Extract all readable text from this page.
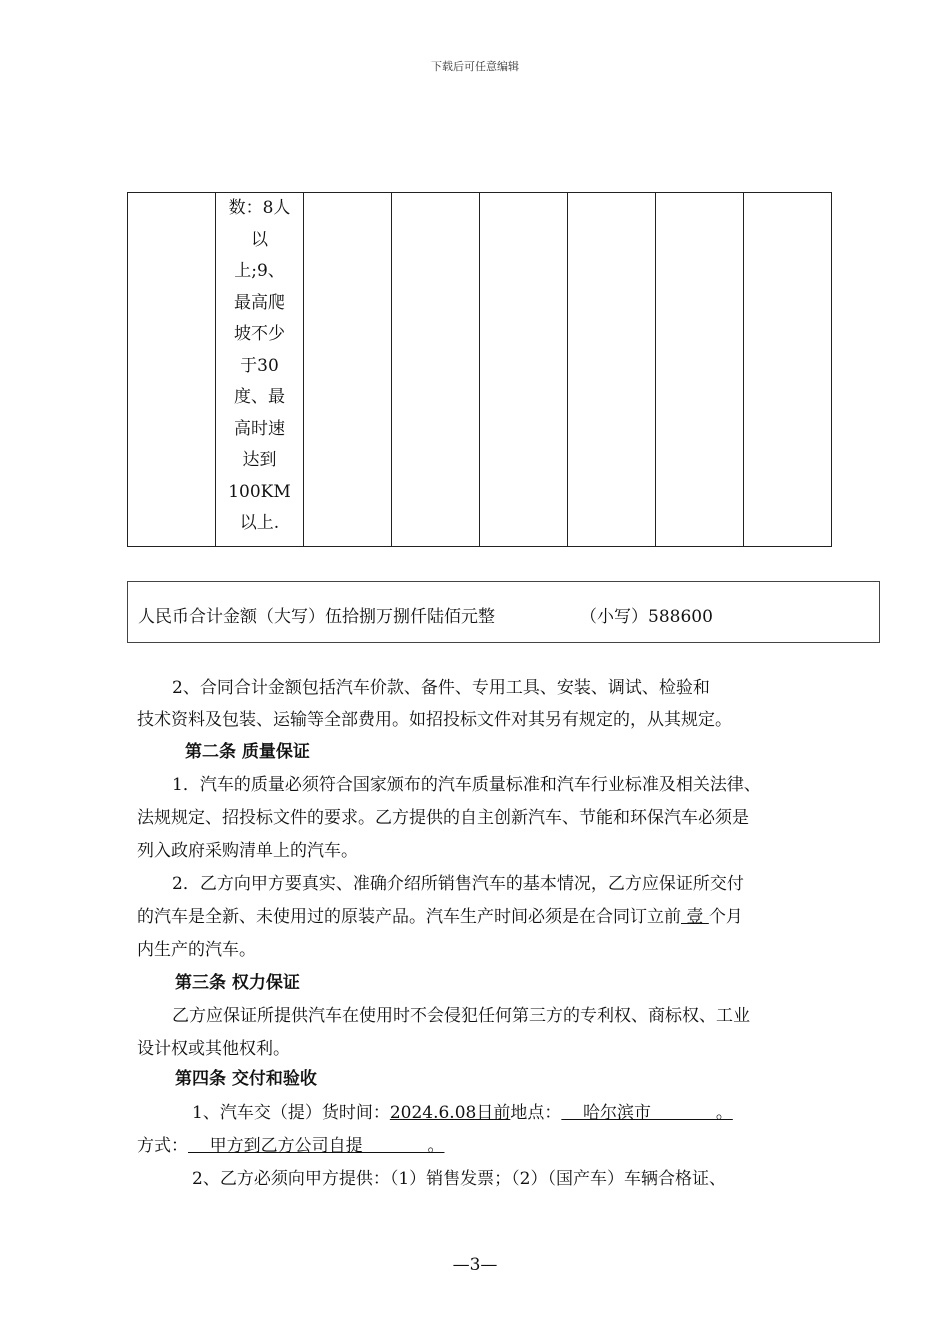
下载后可任意编辑

数：8人
以
上;9、
最高爬
坡不少
于30
度、最
高时速
达到
100KM
以上.

人民币合计金额（大写）伍拾捌万捌仟陆佰元整	（小写）588600
2、合同合计金额包括汽车价款、备件、专用工具、安装、调试、检验和
技术资料及包装、运输等全部费用。如招投标文件对其另有规定的，从其规定。
第二条 质量保证
1．汽车的质量必须符合国家颁布的汽车质量标准和汽车行业标准及相关法律、
法规规定、招投标文件的要求。乙方提供的自主创新汽车、节能和环保汽车必须是
列入政府采购清单上的汽车。
2．乙方向甲方要真实、准确介绍所销售汽车的基本情况，乙方应保证所交付
的汽车是全新、未使用过的原装产品。汽车生产时间必须是在合同订立前 壹 个月
内生产的汽车。
第三条 权力保证
乙方应保证所提供汽车在使用时不会侵犯任何第三方的专利权、商标权、工业
设计权或其他权利。
第四条 交付和验收
1、汽车交（提）货时间：2024.6.08日前地点：    哈尔滨市            。
方式：    甲方到乙方公司自提            。
2、乙方必须向甲方提供：（1）销售发票；（2）（国产车）车辆合格证、
—3—
